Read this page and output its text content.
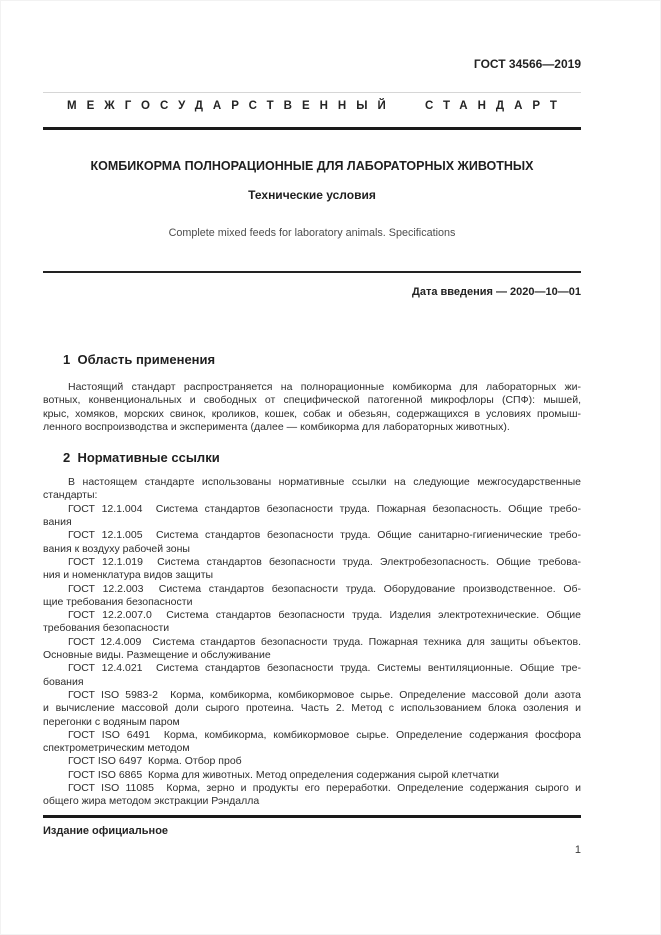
ГОСТ 34566—2019
МЕЖГОСУДАРСТВЕННЫЙ СТАНДАРТ
КОМБИКОРМА ПОЛНОРАЦИОННЫЕ ДЛЯ ЛАБОРАТОРНЫХ ЖИВОТНЫХ
Технические условия
Complete mixed feeds for laboratory animals. Specifications
Дата введения — 2020—10—01
1  Область применения
Настоящий стандарт распространяется на полнорационные комбикорма для лабораторных жи-
вотных, конвенциональных и свободных от специфической патогенной микрофлоры (СПФ): мышей,
крыс, хомяков, морских свинок, кроликов, кошек, собак и обезьян, содержащихся в условиях промыш-
ленного воспроизводства и эксперимента (далее — комбикорма для лабораторных животных).
2  Нормативные ссылки
В настоящем стандарте использованы нормативные ссылки на следующие межгосударственные
стандарты:
ГОСТ 12.1.004  Система стандартов безопасности труда. Пожарная безопасность. Общие требо-
вания
ГОСТ 12.1.005  Система стандартов безопасности труда. Общие санитарно-гигиенические требо-
вания к воздуху рабочей зоны
ГОСТ 12.1.019  Система стандартов безопасности труда. Электробезопасность. Общие требова-
ния и номенклатура видов защиты
ГОСТ 12.2.003  Система стандартов безопасности труда. Оборудование производственное. Об-
щие требования безопасности
ГОСТ 12.2.007.0  Система стандартов безопасности труда. Изделия электротехнические. Общие
требования безопасности
ГОСТ 12.4.009  Система стандартов безопасности труда. Пожарная техника для защиты объектов.
Основные виды. Размещение и обслуживание
ГОСТ 12.4.021  Система стандартов безопасности труда. Системы вентиляционные. Общие тре-
бования
ГОСТ ISO 5983-2  Корма, комбикорма, комбикормовое сырье. Определение массовой доли азота
и вычисление массовой доли сырого протеина. Часть 2. Метод с использованием блока озоления и
перегонки с водяным паром
ГОСТ ISO 6491  Корма, комбикорма, комбикормовое сырье. Определение содержания фосфора
спектрометрическим методом
ГОСТ ISO 6497  Корма. Отбор проб
ГОСТ ISO 6865  Корма для животных. Метод определения содержания сырой клетчатки
ГОСТ ISO 11085  Корма, зерно и продукты его переработки. Определение содержания сырого и
общего жира методом экстракции Рэндалла
Издание официальное
1
